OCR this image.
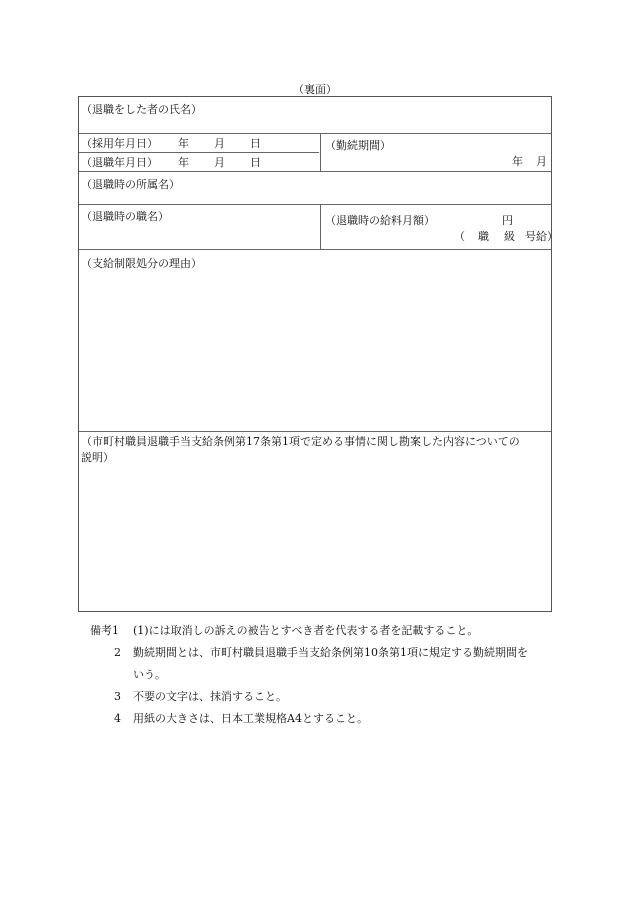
（裏面）
（退職をした者の氏名）
（採用年月日） 年 月 日
（退職年月日） 年 月 日
（勤続期間）
年 月
（退職時の所属名）
（退職時の職名）	（退職時の給料月額）	円
（ 職 級 号給）
（支給制限処分の理由）
（市町村職員退職手当支給条例第17条第1項で定める事情に関し勘案した内容についての
説明）
備考1 (1)には取消しの訴えの被告とすべき者を代表する者を記載すること。
2 勤続期間とは、市町村職員退職手当支給条例第10条第1項に規定する勤続期間を
いう。
3 不要の文字は、抹消すること。
4 用紙の大きさは、日本工業規格A4とすること。
